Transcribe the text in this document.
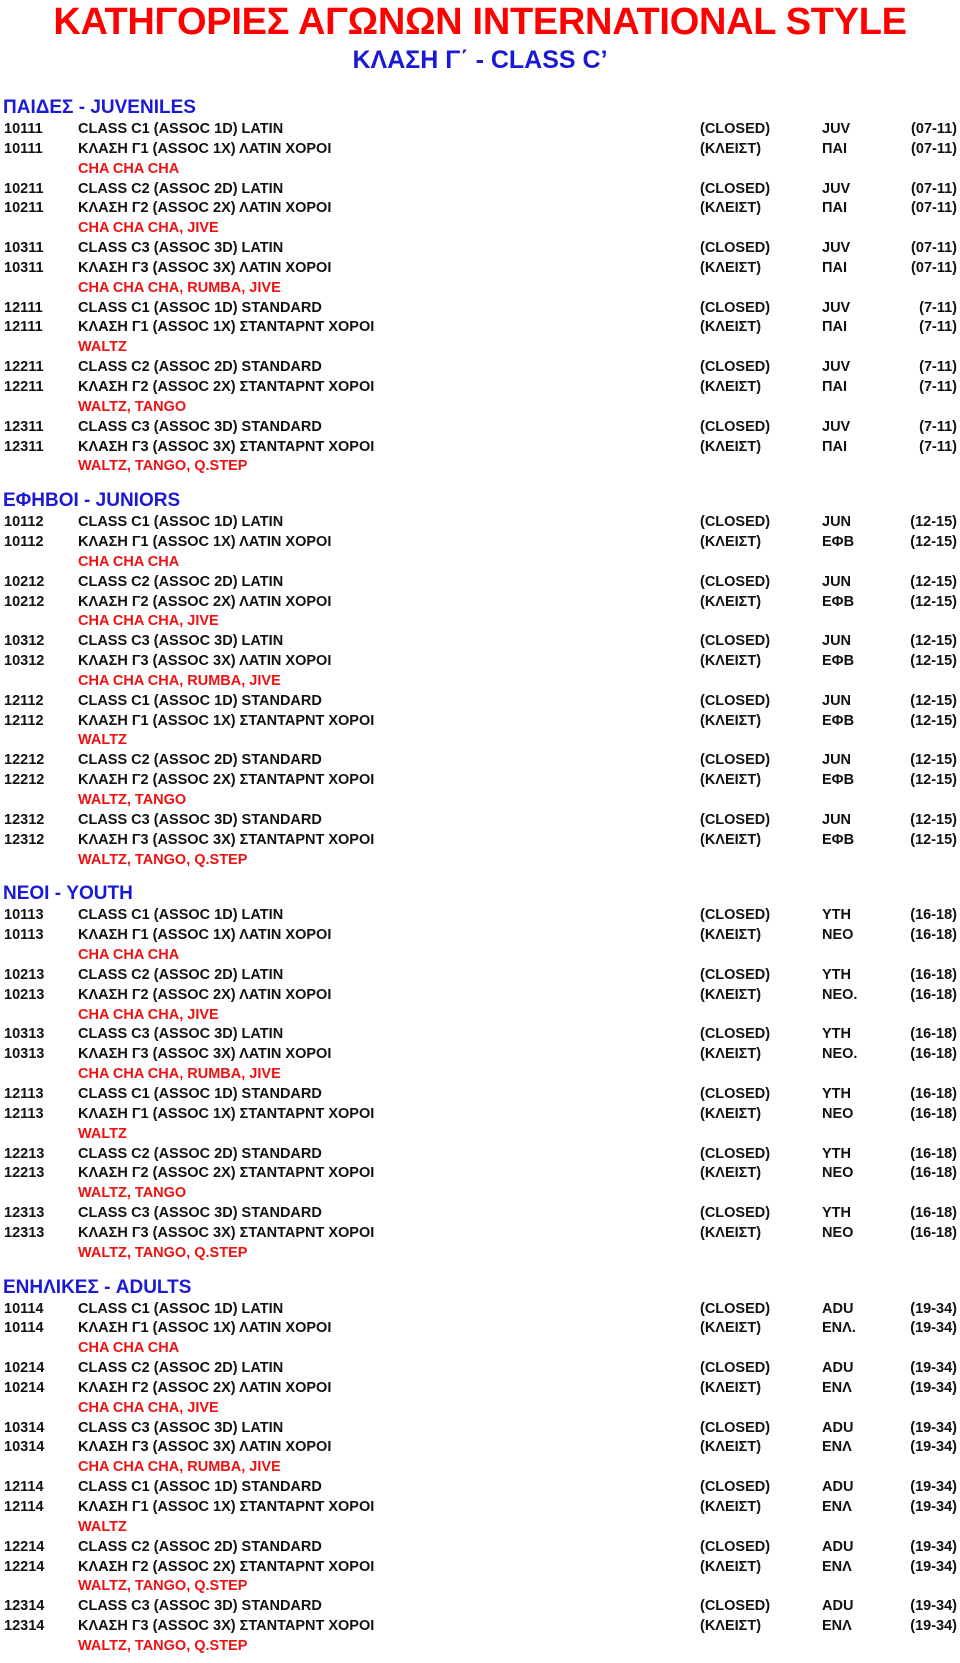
ΚΑΤΗΓΟΡΙΕΣ ΑΓΩΝΩΝ INTERNATIONAL STYLE
ΚΛΑΣΗ Γ΄ - CLASS C’
ΠΑΙΔΕΣ - JUVENILES
10111 CLASS C1 (ASSOC 1D) LATIN	(CLOSED)	JUV	(07-11)
10111 ΚΛΑΣΗ Γ1 (ASSOC 1X) ΛΑΤΙΝ ΧΟΡΟΙ	(ΚΛΕΙΣΤ)	ΠΑΙ	(07-11)
CHA CHA CHA
10211 CLASS C2 (ASSOC 2D) LATIN	(CLOSED)	JUV	(07-11)
10211 ΚΛΑΣΗ Γ2 (ASSOC 2X) ΛΑΤΙΝ ΧΟΡΟΙ	(ΚΛΕΙΣΤ)	ΠΑΙ	(07-11)
CHA CHA CHA, JIVE
10311 CLASS C3 (ASSOC 3D) LATIN	(CLOSED)	JUV	(07-11)
10311 ΚΛΑΣΗ Γ3 (ASSOC 3X) ΛΑΤΙΝ ΧΟΡΟΙ	(ΚΛΕΙΣΤ)	ΠΑΙ	(07-11)
CHA CHA CHA, RUMBA, JIVE
12111 CLASS C1 (ASSOC 1D) STANDARD	(CLOSED)	JUV	(7-11)
12111 ΚΛΑΣΗ Γ1 (ASSOC 1X) ΣΤΑΝΤΑΡΝΤ ΧΟΡΟΙ	(ΚΛΕΙΣΤ)	ΠΑΙ	(7-11)
WALTZ
12211 CLASS C2 (ASSOC 2D) STANDARD	(CLOSED)	JUV	(7-11)
12211 ΚΛΑΣΗ Γ2 (ASSOC 2X) ΣΤΑΝΤΑΡΝΤ ΧΟΡΟΙ	(ΚΛΕΙΣΤ)	ΠΑΙ	(7-11)
WALTZ, TANGO
12311 CLASS C3 (ASSOC 3D) STANDARD	(CLOSED)	JUV	(7-11)
12311 ΚΛΑΣΗ Γ3 (ASSOC 3X) ΣΤΑΝΤΑΡΝΤ ΧΟΡΟΙ	(ΚΛΕΙΣΤ)	ΠΑΙ	(7-11)
WALTZ, TANGO, Q.STEP
ΕΦΗΒΟΙ - JUNIORS
10112 CLASS C1 (ASSOC 1D) LATIN	(CLOSED)	JUN	(12-15)
10112 ΚΛΑΣΗ Γ1 (ASSOC 1X) ΛΑΤΙΝ ΧΟΡΟΙ	(ΚΛΕΙΣΤ)	ΕΦΒ	(12-15)
CHA CHA CHA
10212 CLASS C2 (ASSOC 2D) LATIN	(CLOSED)	JUN	(12-15)
10212 ΚΛΑΣΗ Γ2 (ASSOC 2X) ΛΑΤΙΝ ΧΟΡΟΙ	(ΚΛΕΙΣΤ)	ΕΦΒ	(12-15)
CHA CHA CHA, JIVE
10312 CLASS C3 (ASSOC 3D) LATIN	(CLOSED)	JUN	(12-15)
10312 ΚΛΑΣΗ Γ3 (ASSOC 3X) ΛΑΤΙΝ ΧΟΡΟΙ	(ΚΛΕΙΣΤ)	ΕΦΒ	(12-15)
CHA CHA CHA, RUMBA, JIVE
12112 CLASS C1 (ASSOC 1D) STANDARD	(CLOSED)	JUN	(12-15)
12112 ΚΛΑΣΗ Γ1 (ASSOC 1X) ΣΤΑΝΤΑΡΝΤ ΧΟΡΟΙ	(ΚΛΕΙΣΤ)	ΕΦΒ	(12-15)
WALTZ
12212 CLASS C2 (ASSOC 2D) STANDARD	(CLOSED)	JUN	(12-15)
12212 ΚΛΑΣΗ Γ2 (ASSOC 2X) ΣΤΑΝΤΑΡΝΤ ΧΟΡΟΙ	(ΚΛΕΙΣΤ)	ΕΦΒ	(12-15)
WALTZ, TANGO
12312 CLASS C3 (ASSOC 3D) STANDARD	(CLOSED)	JUN	(12-15)
12312 ΚΛΑΣΗ Γ3 (ASSOC 3X) ΣΤΑΝΤΑΡΝΤ ΧΟΡΟΙ	(ΚΛΕΙΣΤ)	ΕΦΒ	(12-15)
WALTZ, TANGO, Q.STEP
ΝΕΟΙ - YOUTH
10113 CLASS C1 (ASSOC 1D) LATIN	(CLOSED)	YTH	(16-18)
10113 ΚΛΑΣΗ Γ1 (ASSOC 1X) ΛΑΤΙΝ ΧΟΡΟΙ	(ΚΛΕΙΣΤ)	ΝΕΟ	(16-18)
CHA CHA CHA
10213 CLASS C2 (ASSOC 2D) LATIN	(CLOSED)	YTH	(16-18)
10213 ΚΛΑΣΗ Γ2 (ASSOC 2X) ΛΑΤΙΝ ΧΟΡΟΙ	(ΚΛΕΙΣΤ)	ΝΕΟ.	(16-18)
CHA CHA CHA, JIVE
10313 CLASS C3 (ASSOC 3D) LATIN	(CLOSED)	YTH	(16-18)
10313 ΚΛΑΣΗ Γ3 (ASSOC 3X) ΛΑΤΙΝ ΧΟΡΟΙ	(ΚΛΕΙΣΤ)	ΝΕΟ.	(16-18)
CHA CHA CHA, RUMBA, JIVE
12113 CLASS C1 (ASSOC 1D) STANDARD	(CLOSED)	YTH	(16-18)
12113 ΚΛΑΣΗ Γ1 (ASSOC 1X) ΣΤΑΝΤΑΡΝΤ ΧΟΡΟΙ	(ΚΛΕΙΣΤ)	ΝΕΟ	(16-18)
WALTZ
12213 CLASS C2 (ASSOC 2D) STANDARD	(CLOSED)	YTH	(16-18)
12213 ΚΛΑΣΗ Γ2 (ASSOC 2X) ΣΤΑΝΤΑΡΝΤ ΧΟΡΟΙ	(ΚΛΕΙΣΤ)	ΝΕΟ	(16-18)
WALTZ, TANGO
12313 CLASS C3 (ASSOC 3D) STANDARD	(CLOSED)	YTH	(16-18)
12313 ΚΛΑΣΗ Γ3 (ASSOC 3X) ΣΤΑΝΤΑΡΝΤ ΧΟΡΟΙ	(ΚΛΕΙΣΤ)	ΝΕΟ	(16-18)
WALTZ, TANGO, Q.STEP
ΕΝΗΛΙΚΕΣ - ADULTS
10114 CLASS C1 (ASSOC 1D) LATIN	(CLOSED)	ADU	(19-34)
10114 ΚΛΑΣΗ Γ1 (ASSOC 1X) ΛΑΤΙΝ ΧΟΡΟΙ	(ΚΛΕΙΣΤ)	ΕΝΛ.	(19-34)
CHA CHA CHA
10214 CLASS C2 (ASSOC 2D) LATIN	(CLOSED)	ADU	(19-34)
10214 ΚΛΑΣΗ Γ2 (ASSOC 2X) ΛΑΤΙΝ ΧΟΡΟΙ	(ΚΛΕΙΣΤ)	ΕΝΛ	(19-34)
CHA CHA CHA, JIVE
10314 CLASS C3 (ASSOC 3D) LATIN	(CLOSED)	ADU	(19-34)
10314 ΚΛΑΣΗ Γ3 (ASSOC 3X) ΛΑΤΙΝ ΧΟΡΟΙ	(ΚΛΕΙΣΤ)	ΕΝΛ	(19-34)
CHA CHA CHA, RUMBA, JIVE
12114 CLASS C1 (ASSOC 1D) STANDARD	(CLOSED)	ADU	(19-34)
12114 ΚΛΑΣΗ Γ1 (ASSOC 1X) ΣΤΑΝΤΑΡΝΤ ΧΟΡΟΙ	(ΚΛΕΙΣΤ)	ΕΝΛ	(19-34)
WALTZ
12214 CLASS C2 (ASSOC 2D) STANDARD	(CLOSED)	ADU	(19-34)
12214 ΚΛΑΣΗ Γ2 (ASSOC 2X) ΣΤΑΝΤΑΡΝΤ ΧΟΡΟΙ	(ΚΛΕΙΣΤ)	ΕΝΛ	(19-34)
WALTZ, TANGO, Q.STEP
12314 CLASS C3 (ASSOC 3D) STANDARD	(CLOSED)	ADU	(19-34)
12314 ΚΛΑΣΗ Γ3 (ASSOC 3X) ΣΤΑΝΤΑΡΝΤ ΧΟΡΟΙ	(ΚΛΕΙΣΤ)	ΕΝΛ	(19-34)
WALTZ, TANGO, Q.STEP
